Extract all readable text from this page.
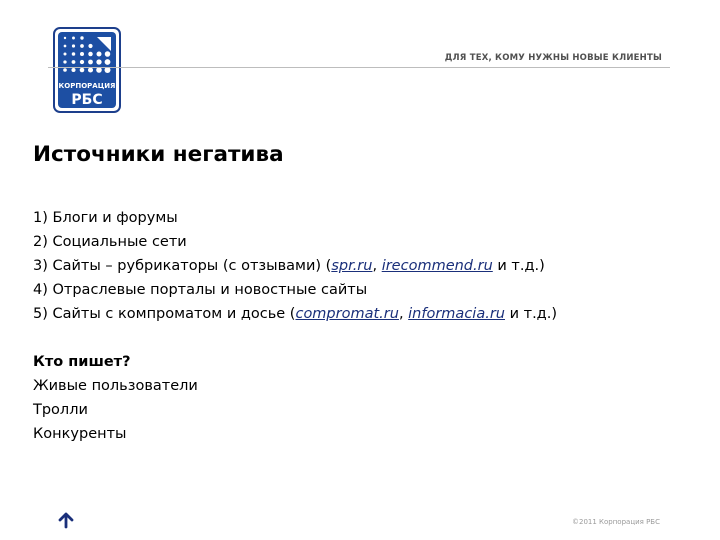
КОРПОРАЦИЯ
РБС
ДЛЯ ТЕХ, КОМУ НУЖНЫ НОВЫЕ КЛИЕНТЫ
Источники негатива
1) Блоги и форумы
2) Социальные сети
3) Сайты – рубрикаторы (с отзывами) (spr.ru, irecommend.ru и т.д.)
4) Отраслевые порталы и новостные сайты
5) Сайты с компроматом и досье (compromat.ru, informacia.ru и т.д.)
Кто пишет?
Живые пользователи
Тролли
Конкуренты
©2011 Корпорация РБС
